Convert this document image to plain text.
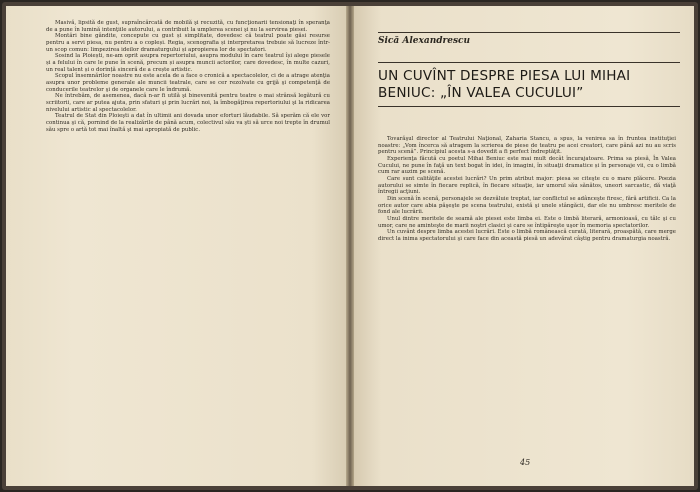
Masivă, lipsită de gust, supraîncărcată de mobilă şi recuzită, cu funcţionarii tensionaţi în speranţa de a pune în lumină intenţiile autorului, a contribuit la umplerea scenei şi nu la servirea piesei.

Montări bine gândite, concepute cu gust și simplitate, dovedesc că teatrul poate găsi resurse pentru a servi piesa, nu pentru a o copleși. Regia, scenografia și interpretarea trebuie să lucreze într-un scop comun: limpezirea ideilor dramaturgului și apropierea lor de spectatori.

Sosind la Ploiești, ne-am oprit asupra repertoriului, asupra modului în care teatrul își alege piesele și a felului în care le pune în scenă, precum și asupra muncii actorilor, care dovedesc, în multe cazuri, un real talent și o dorință sinceră de a crește artistic.

Scopul însemnărilor noastre nu este acela de a face o cronică a spectacolelor, ci de a atrage atenţia asupra unor probleme generale ale muncii teatrale, care se cer rezolvate cu grijă şi competenţă de conducerile teatrelor şi de organele care le îndrumă.

Ne întrebăm, de asemenea, dacă n-ar fi utilă şi binevenită pentru teatre o mai strânsă legătură cu scriitorii, care ar putea ajuta, prin sfaturi şi prin lucrări noi, la îmbogăţirea repertoriului şi la ridicarea nivelului artistic al spectacolelor.

Teatrul de Stat din Ploieşti a dat în ultimii ani dovada unor eforturi lăudabile. Să sperăm că ele vor continua şi că, pornind de la realizările de până acum, colectivul său va şti să urce noi trepte în drumul său spre o artă tot mai înaltă şi mai apropiată de public.

Sică Alexandrescu
UN CUVÎNT DESPRE PIESA LUI MIHAI BENIUC: „ÎN VALEA CUCULUI”

Tovarăşul director al Teatrului Naţional, Zaharia Stancu, a spus, la venirea sa în fruntea instituţiei noastre: „Vom încerca să atragem la scrierea de piese de teatru pe acei creatori, care până azi nu au scris pentru scenă”. Principiul acesta s-a dovedit a fi perfect îndreptăţit.

Experienţa făcută cu poetul Mihai Beniuc este mai mult decât încurajatoare. Prima sa piesă, În Valea Cucului, ne pune în faţă un text bogat în idei, în imagini, în situaţii dramatice și în personaje vii, cu o limbă cum rar auzim pe scenă.

Care sunt calităţile acestei lucrări? Un prim atribut major: piesa se citeşte cu o mare plăcere. Poezia autorului se simte în fiecare replică, în fiecare situaţie, iar umorul său sănătos, uneori sarcastic, dă viaţă întregii acţiuni.

Din scenă în scenă, personajele se dezvăluie treptat, iar conflictul se adânceşte firesc, fără artificii. Ca la orice autor care abia păşeşte pe scena teatrului, există şi unele stângăcii, dar ele nu umbresc meritele de fond ale lucrării.

Unul dintre meritele de seamă ale piesei este limba ei. Este o limbă literară, armonioasă, cu tâlc şi cu umor, care ne aminteşte de marii noştri clasici şi care se întipăreşte uşor în memoria spectatorilor.

Un cuvânt despre limba acestei lucrări. Este o limbă românească curată, literară, proaspătă, care merge direct la inima spectatorului şi care face din această piesă un adevărat câştig pentru dramaturgia noastră.

45
